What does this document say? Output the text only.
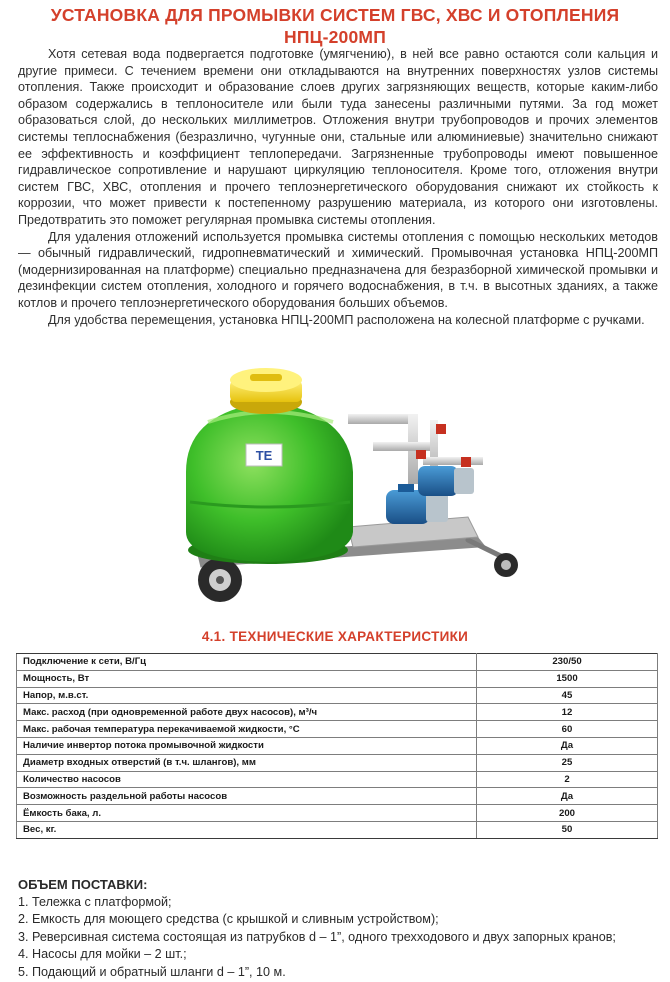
УСТАНОВКА ДЛЯ ПРОМЫВКИ СИСТЕМ ГВС, ХВС И ОТОПЛЕНИЯ
НПЦ-200МП

Хотя сетевая вода подвергается подготовке (умягчению), в ней все равно остаются соли кальция и другие примеси. С течением времени они откладываются на внутренних поверхностях узлов системы отопления. Также происходит и образование слоев других загрязняющих веществ, которые каким-либо образом содержались в теплоносителе или были туда занесены различными путями. За год может образоваться слой, до нескольких миллиметров. Отложения внутри трубопроводов и прочих элементов системы теплоснабжения (безразлично, чугунные они, стальные или алюминиевые) значительно снижают ее эффективность и коэффициент теплопередачи. Загрязненные трубопроводы имеют повышенное гидравлическое сопротивление и нарушают циркуляцию теплоносителя. Кроме того, отложения внутри систем ГВС, ХВС, отопления и прочего теплоэнергетического оборудования снижают их стойкость к коррозии, что может привести к постепенному разрушению материала, из которого они изготовлены. Предотвратить это поможет регулярная промывка системы отопления.

Для удаления отложений используется промывка системы отопления с помощью нескольких методов — обычный гидравлический, гидропневматический и химический. Промывочная установка НПЦ-200МП (модернизированная на платформе) специально предназначена для безразборной химической промывки и дезинфекции систем отопления, холодного и горячего водоснабжения, в т.ч. в высотных зданиях, а также котлов и прочего теплоэнергетического оборудования больших объемов.

Для удобства перемещения, установка НПЦ-200МП расположена на колесной платформе с ручками.

ТЕ
4.1. ТЕХНИЧЕСКИЕ ХАРАКТЕРИСТИКИ
Подключение к сети, В/Гц	230/50
Мощность, Вт	1500
Напор, м.в.ст.	45
Макс. расход (при одновременной работе двух насосов), м³/ч	12
Макс. рабочая температура перекачиваемой жидкости, °С	60
Наличие инвертор потока промывочной жидкости	Да
Диаметр входных отверстий (в т.ч. шлангов), мм	25
Количество насосов	2
Возможность раздельной работы насосов	Да
Ёмкость бака, л.	200
Вес, кг.	50
ОБЪЕМ ПОСТАВКИ:
1. Тележка с платформой;
2. Емкость для моющего средства (с крышкой и сливным устройством);
3. Реверсивная система состоящая из патрубков d – 1”, одного трехходового и двух запорных кранов;
4. Насосы для мойки – 2 шт.;
5. Подающий и обратный шланги d – 1”, 10 м.
